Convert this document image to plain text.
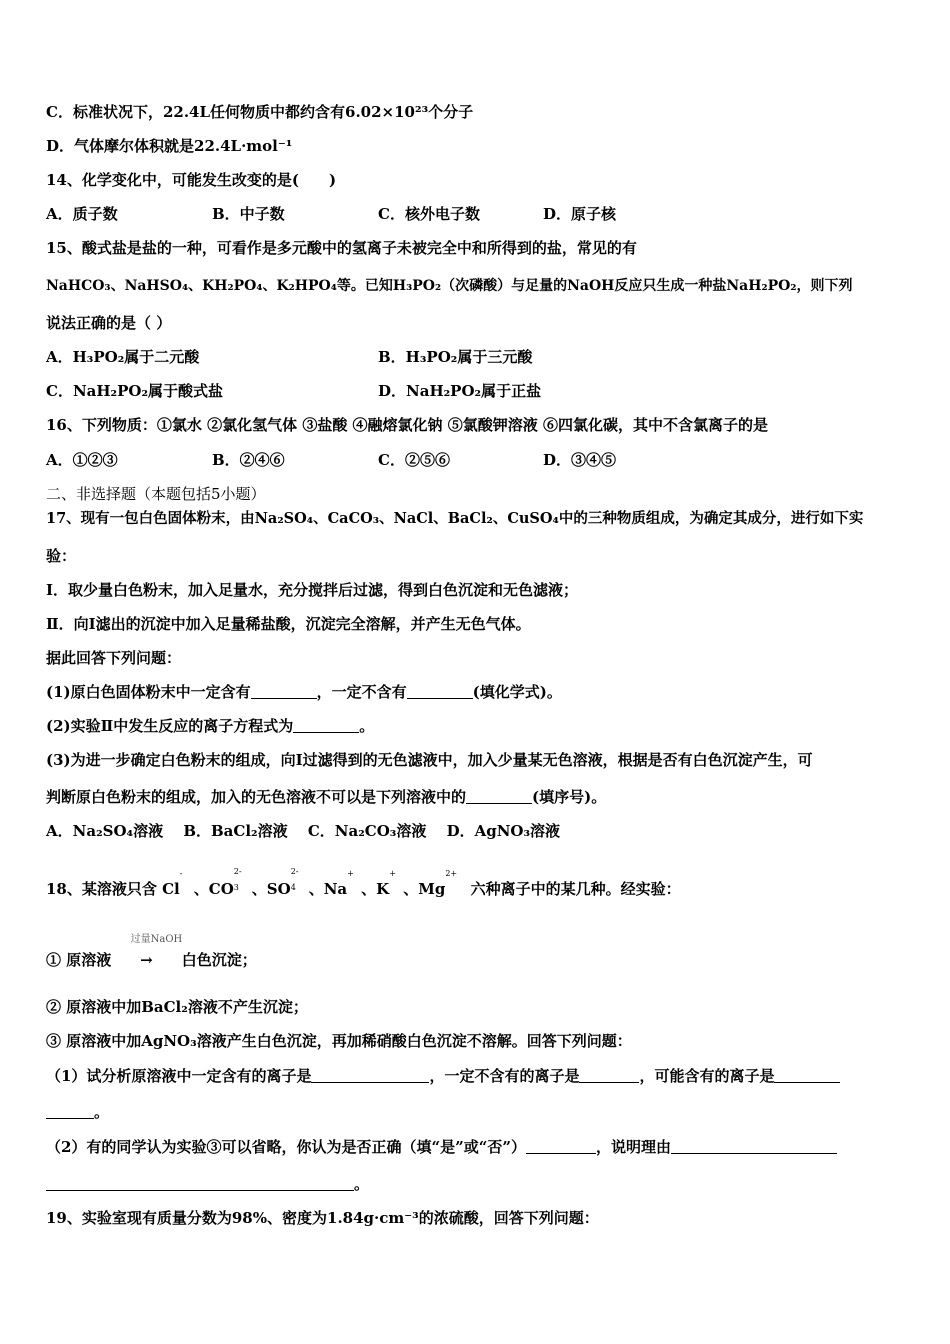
C．标准状况下，22.4L任何物质中都约含有6.02×10²³个分子
D．气体摩尔体积就是22.4L·mol⁻¹
14、化学变化中，可能发生改变的是(　　)
A．质子数	B．中子数	C．核外电子数	D．原子核
15、酸式盐是盐的一种，可看作是多元酸中的氢离子未被完全中和所得到的盐，常见的有
NaHCO₃、NaHSO₄、KH₂PO₄、K₂HPO₄等。已知H₃PO₂（次磷酸）与足量的NaOH反应只生成一种盐NaH₂PO₂，则下列
说法正确的是（ ）
A．H₃PO₂属于二元酸	B．H₃PO₂属于三元酸
C．NaH₂PO₂属于酸式盐	D．NaH₂PO₂属于正盐
16、下列物质：①氯水 ②氯化氢气体 ③盐酸 ④融熔氯化钠 ⑤氯酸钾溶液 ⑥四氯化碳，其中不含氯离子的是
A．①②③	B．②④⑥	C．②⑤⑥	D．③④⑤
二、非选择题（本题包括5小题）
17、现有一包白色固体粉末，由Na₂SO₄、CaCO₃、NaCl、BaCl₂、CuSO₄中的三种物质组成，为确定其成分，进行如下实
验：
Ⅰ．取少量白色粉末，加入足量水，充分搅拌后过滤，得到白色沉淀和无色滤液；
Ⅱ．向Ⅰ滤出的沉淀中加入足量稀盐酸，沉淀完全溶解，并产生无色气体。
据此回答下列问题：
(1)原白色固体粉末中一定含有	，一定不含有	(填化学式)。
(2)实验Ⅱ中发生反应的离子方程式为	。
(3)为进一步确定白色粉末的组成，向Ⅰ过滤得到的无色滤液中，加入少量某无色溶液，根据是否有白色沉淀产生，可
判断原白色粉末的组成，加入的无色溶液不可以是下列溶液中的	(填序号)。
A．Na₂SO₄溶液　 B．BaCl₂溶液　 C．Na₂CO₃溶液　 D．AgNO₃溶液
18、某溶液只含 Cl
-
、CO
2-
3 、SO
2-
4 、Na
+
、K
+
、Mg
2+
六种离子中的某几种。经实验：
① 原溶液
过量NaOH
→ 白色沉淀；
② 原溶液中加BaCl₂溶液不产生沉淀；
③ 原溶液中加AgNO₃溶液产生白色沉淀，再加稀硝酸白色沉淀不溶解。回答下列问题：
（1）试分析原溶液中一定含有的离子是	，一定不含有的离子是	，可能含有的离子是
。
（2）有的同学认为实验③可以省略，你认为是否正确（填“是”或“否”）	，说明理由
。
19、实验室现有质量分数为98%、密度为1.84g·cm⁻³的浓硫酸，回答下列问题：
